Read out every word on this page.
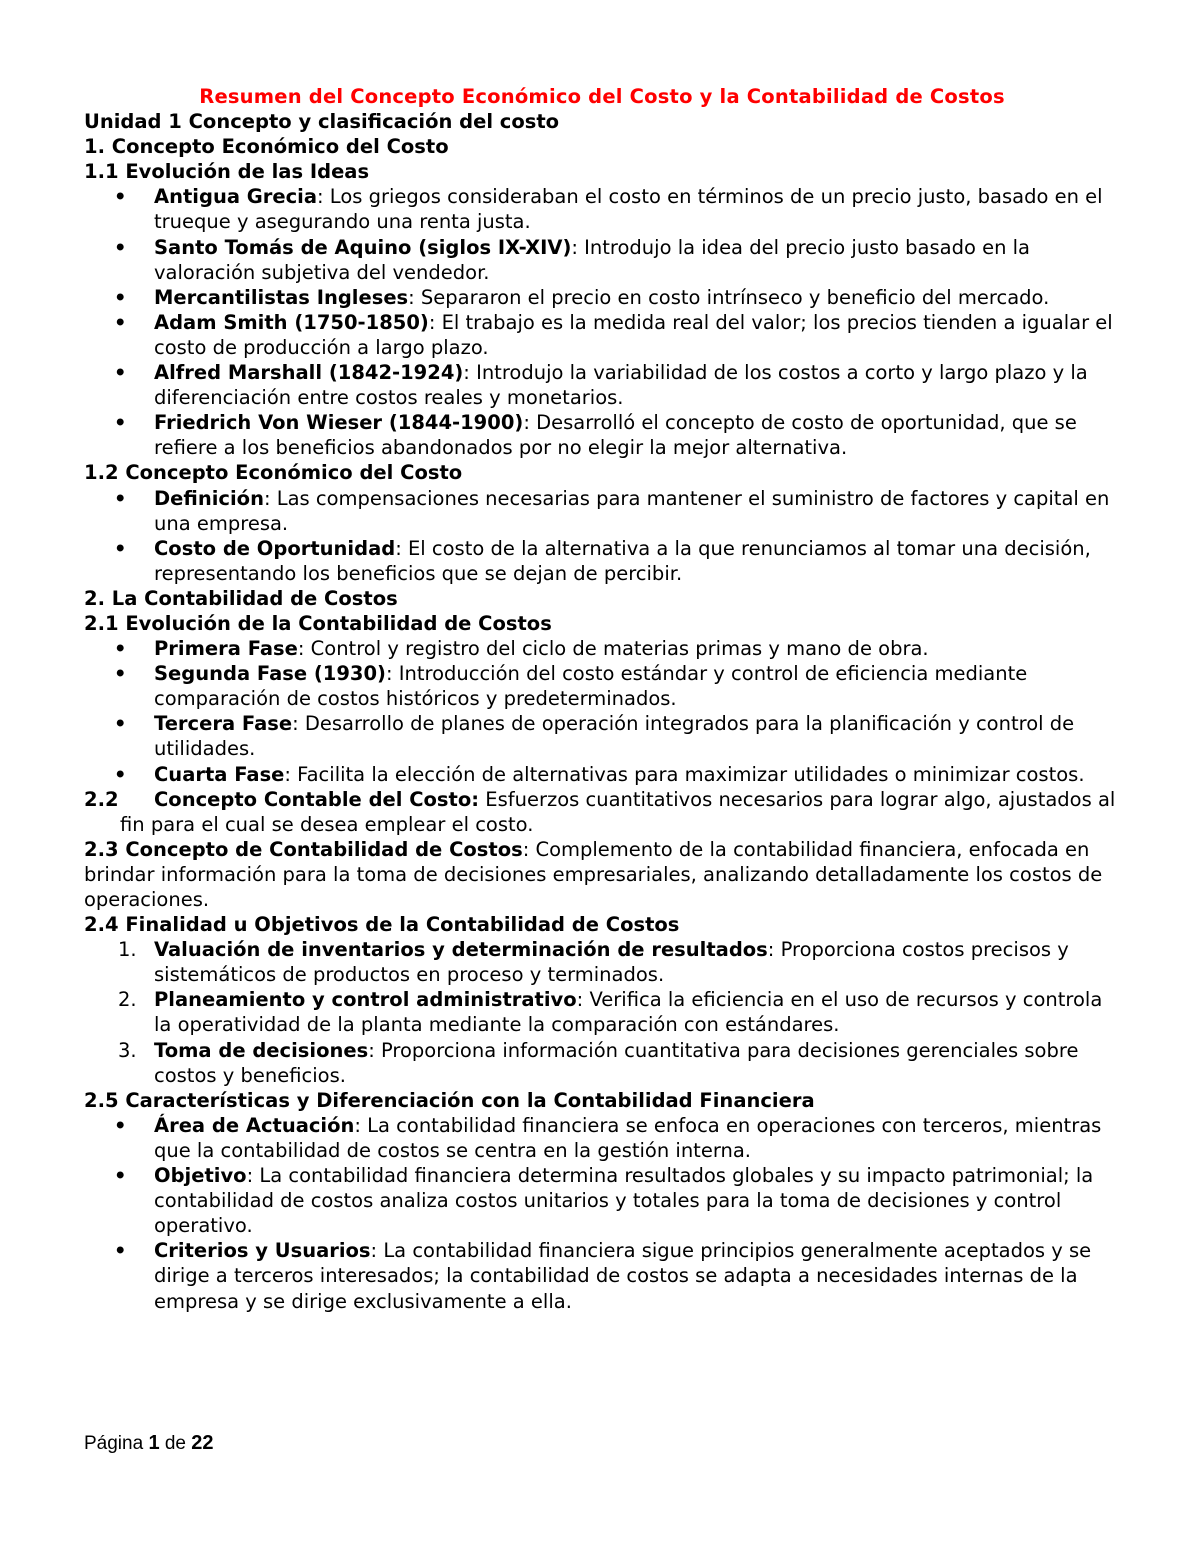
Resumen del Concepto Económico del Costo y la Contabilidad de Costos
Unidad 1 Concepto y clasificación del costo
1. Concepto Económico del Costo
1.1 Evolución de las Ideas
• Antigua Grecia: Los griegos consideraban el costo en términos de un precio justo, basado en el trueque y asegurando una renta justa.
• Santo Tomás de Aquino (siglos IX-XIV): Introdujo la idea del precio justo basado en la valoración subjetiva del vendedor.
• Mercantilistas Ingleses: Separaron el precio en costo intrínseco y beneficio del mercado.
• Adam Smith (1750-1850): El trabajo es la medida real del valor; los precios tienden a igualar el costo de producción a largo plazo.
• Alfred Marshall (1842-1924): Introdujo la variabilidad de los costos a corto y largo plazo y la diferenciación entre costos reales y monetarios.
• Friedrich Von Wieser (1844-1900): Desarrolló el concepto de costo de oportunidad, que se refiere a los beneficios abandonados por no elegir la mejor alternativa.
1.2 Concepto Económico del Costo
• Definición: Las compensaciones necesarias para mantener el suministro de factores y capital en una empresa.
• Costo de Oportunidad: El costo de la alternativa a la que renunciamos al tomar una decisión, representando los beneficios que se dejan de percibir.
2. La Contabilidad de Costos
2.1 Evolución de la Contabilidad de Costos
• Primera Fase: Control y registro del ciclo de materias primas y mano de obra.
• Segunda Fase (1930): Introducción del costo estándar y control de eficiencia mediante comparación de costos históricos y predeterminados.
• Tercera Fase: Desarrollo de planes de operación integrados para la planificación y control de utilidades.
• Cuarta Fase: Facilita la elección de alternativas para maximizar utilidades o minimizar costos.
2.2 Concepto Contable del Costo: Esfuerzos cuantitativos necesarios para lograr algo, ajustados al fin para el cual se desea emplear el costo.
2.3 Concepto de Contabilidad de Costos: Complemento de la contabilidad financiera, enfocada en brindar información para la toma de decisiones empresariales, analizando detalladamente los costos de operaciones.
2.4 Finalidad u Objetivos de la Contabilidad de Costos
1. Valuación de inventarios y determinación de resultados: Proporciona costos precisos y sistemáticos de productos en proceso y terminados.
2. Planeamiento y control administrativo: Verifica la eficiencia en el uso de recursos y controla la operatividad de la planta mediante la comparación con estándares.
3. Toma de decisiones: Proporciona información cuantitativa para decisiones gerenciales sobre costos y beneficios.
2.5 Características y Diferenciación con la Contabilidad Financiera
• Área de Actuación: La contabilidad financiera se enfoca en operaciones con terceros, mientras que la contabilidad de costos se centra en la gestión interna.
• Objetivo: La contabilidad financiera determina resultados globales y su impacto patrimonial; la contabilidad de costos analiza costos unitarios y totales para la toma de decisiones y control operativo.
• Criterios y Usuarios: La contabilidad financiera sigue principios generalmente aceptados y se dirige a terceros interesados; la contabilidad de costos se adapta a necesidades internas de la empresa y se dirige exclusivamente a ella.
Página 1 de 22
